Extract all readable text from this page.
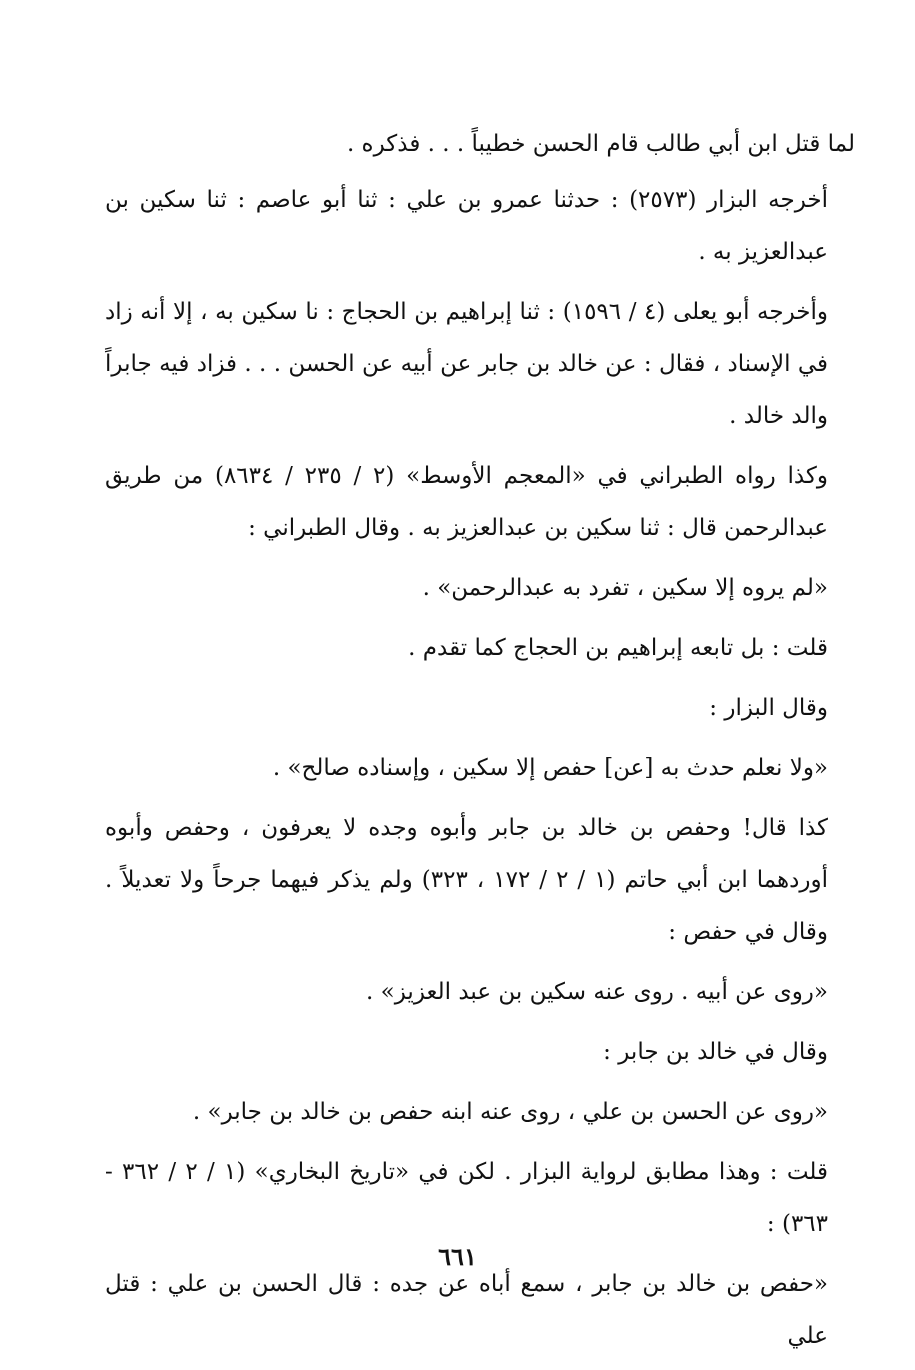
لما قتل ابن أبي طالب قام الحسن خطيباً . . . فذكره .

أخرجه البزار (٢٥٧٣) : حدثنا عمرو بن علي : ثنا أبو عاصم : ثنا سكين بن عبدالعزيز به .

وأخرجه أبو يعلى (٤ / ١٥٩٦) : ثنا إبراهيم بن الحجاج : نا سكين به ، إلا أنه زاد في الإسناد ، فقال : عن خالد بن جابر عن أبيه عن الحسن . . . فزاد فيه جابراً والد خالد .

وكذا رواه الطبراني في «المعجم الأوسط» (٢ / ٢٣٥ / ٨٦٣٤) من طريق عبدالرحمن قال : ثنا سكين بن عبدالعزيز به . وقال الطبراني :

«لم يروه إلا سكين ، تفرد به عبدالرحمن» .

قلت : بل تابعه إبراهيم بن الحجاج كما تقدم .

وقال البزار :

«ولا نعلم حدث به [عن] حفص إلا سكين ، وإسناده صالح» .

كذا قال! وحفص بن خالد بن جابر وأبوه وجده لا يعرفون ، وحفص وأبوه أوردهما ابن أبي حاتم (١ / ٢ / ١٧٢ ، ٣٢٣) ولم يذكر فيهما جرحاً ولا تعديلاً . وقال في حفص :

«روى عن أبيه . روى عنه سكين بن عبد العزيز» .

وقال في خالد بن جابر :

«روى عن الحسن بن علي ، روى عنه ابنه حفص بن خالد بن جابر» .

قلت : وهذا مطابق لرواية البزار . لكن في «تاريخ البخاري» (١ / ٢ / ٣٦٢ - ٣٦٣) :

«حفص بن خالد بن جابر ، سمع أباه عن جده : قال الحسن بن علي : قتل علي

٦٦١
